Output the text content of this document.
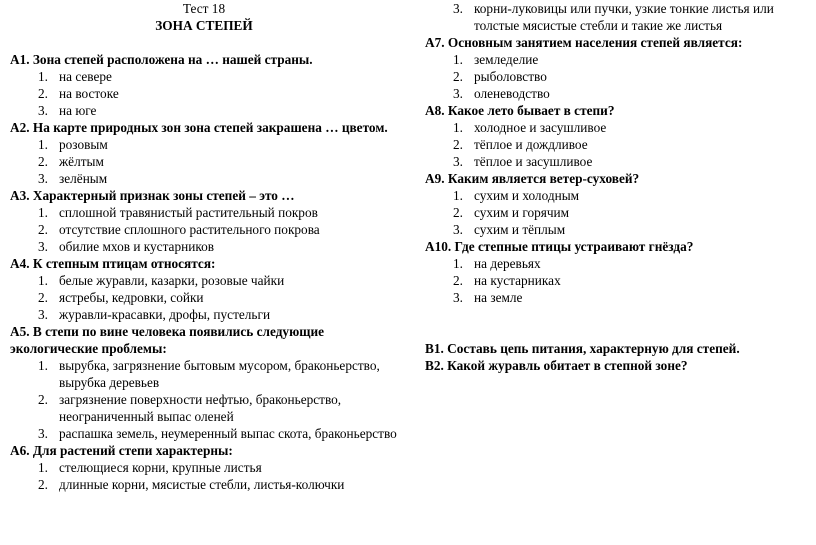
Тест 18
ЗОНА СТЕПЕЙ
А1. Зона степей расположена на … нашей страны.
1. на севере
2. на востоке
3. на юге
А2. На карте природных зон зона степей закрашена … цветом.
1. розовым
2. жёлтым
3. зелёным
А3. Характерный признак зоны степей – это …
1. сплошной травянистый растительный покров
2. отсутствие сплошного растительного покрова
3. обилие мхов и кустарников
А4. К степным птицам относятся:
1. белые журавли, казарки, розовые чайки
2. ястребы, кедровки, сойки
3. журавли-красавки, дрофы, пустельги
А5. В степи по вине человека появились следующие экологические проблемы:
1. вырубка, загрязнение бытовым мусором, браконьерство, вырубка деревьев
2. загрязнение поверхности нефтью, браконьерство, неограниченный выпас оленей
3. распашка земель, неумеренный выпас скота, браконьерство
А6. Для растений степи характерны:
1. стелющиеся корни, крупные листья
2. длинные корни, мясистые стебли, листья-колючки
3. корни-луковицы или пучки, узкие тонкие листья или толстые мясистые стебли и такие же листья
А7. Основным занятием населения степей является:
1. земледелие
2. рыболовство
3. оленеводство
А8. Какое лето бывает в степи?
1. холодное и засушливое
2. тёплое и дождливое
3. тёплое и засушливое
А9. Каким является ветер-суховей?
1. сухим и холодным
2. сухим и горячим
3. сухим и тёплым
А10. Где степные птицы устраивают гнёзда?
1. на деревьях
2. на кустарниках
3. на земле
В1. Составь цепь питания, характерную для степей.
В2. Какой журавль обитает в степной зоне?
